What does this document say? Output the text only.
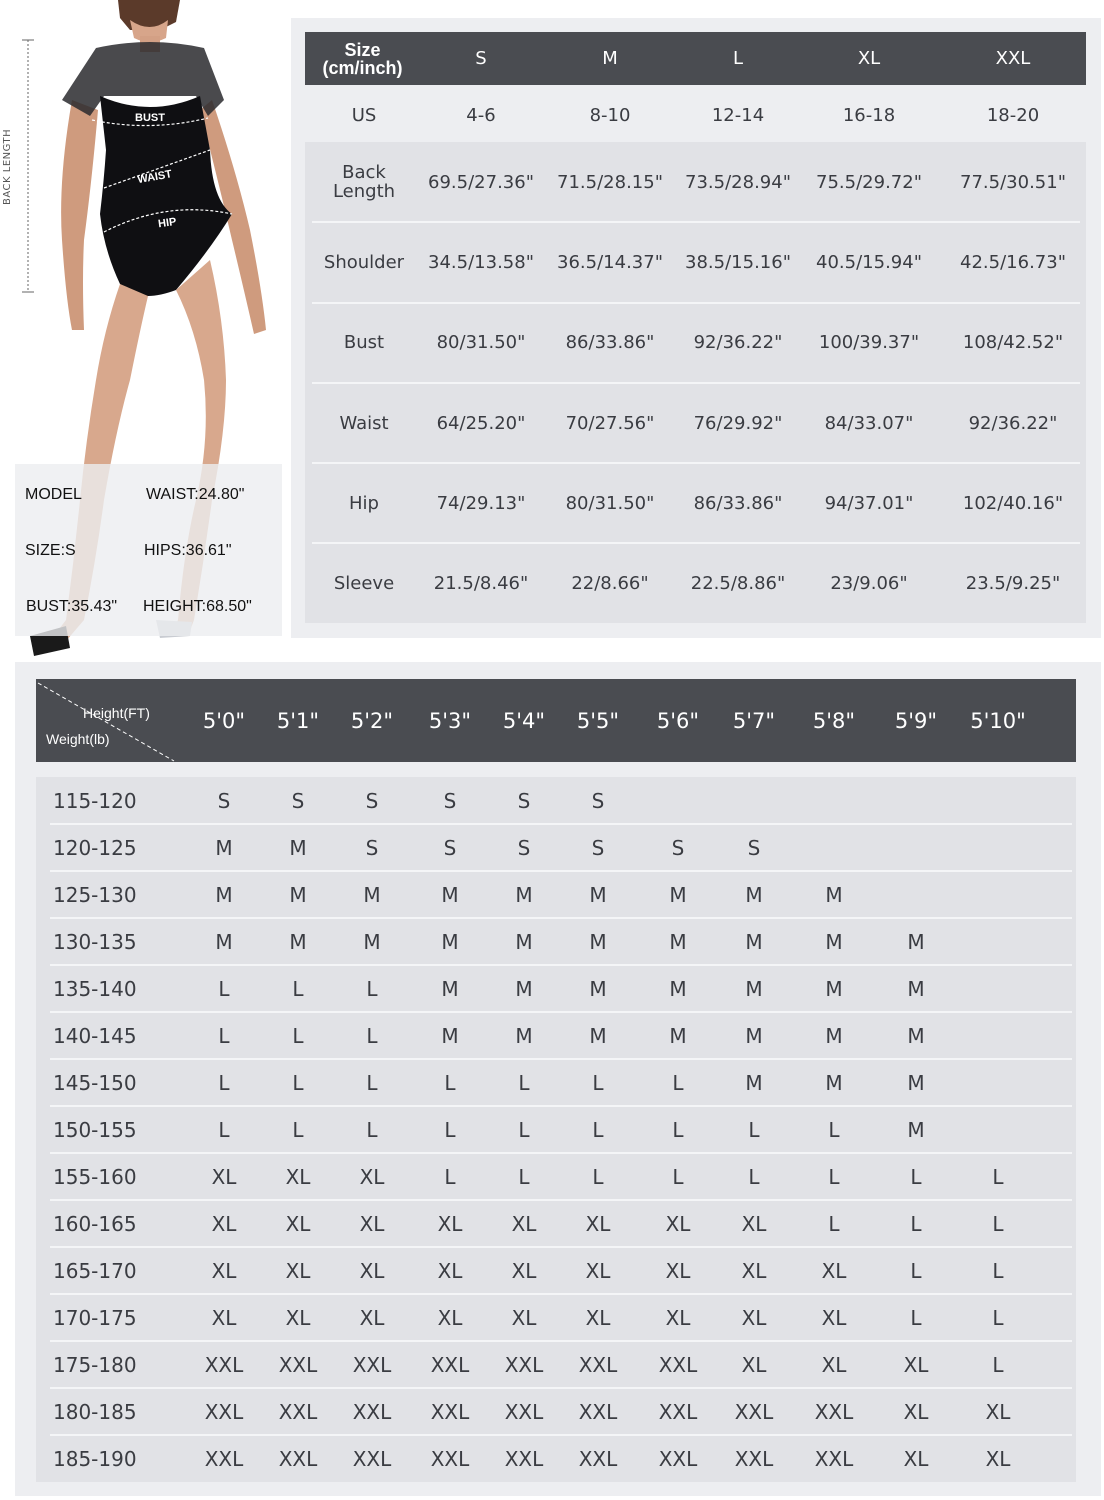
BUST
WAIST
HIP
BACK LENGTH
MODEL	WAIST:24.80"
SIZE:S	HIPS:36.61"
BUST:35.43" HEIGHT:68.50"
Size
(cm/inch)	S	M	L	XL	XXL
US	4-6	8-10	12-14	16-18	18-20
Back
Length	69.5/27.36" 71.5/28.15" 73.5/28.94" 75.5/29.72" 77.5/30.51"
Shoulder	34.5/13.58" 36.5/14.37" 38.5/15.16" 40.5/15.94" 42.5/16.73"
Bust	80/31.50"	86/33.86"	92/36.22"	100/39.37" 108/42.52"
Waist	64/25.20"	70/27.56"	76/29.92"	84/33.07"	92/36.22"
Hip	74/29.13"	80/31.50"	86/33.86"	94/37.01"	102/40.16"
Sleeve	21.5/8.46"	22/8.66"	22.5/8.86"	23/9.06"	23.5/9.25"
Height(FT)
Weight(lb)
5'0"	5'1"	5'2"	5'3"	5'4"	5'5"	5'6"	5'7"	5'8"	5'9"	5'10"
115-120	S	S	S	S	S	S
120-125	M	M	S	S	S	S	S	S
125-130	M	M	M	M	M	M	M	M	M
130-135	M	M	M	M	M	M	M	M	M	M
135-140	L	L	L	M	M	M	M	M	M	M
140-145	L	L	L	M	M	M	M	M	M	M
145-150	L	L	L	L	L	L	L	M	M	M
150-155	L	L	L	L	L	L	L	L	L	M
155-160	XL	XL	XL	L	L	L	L	L	L	L	L
160-165	XL	XL	XL	XL	XL	XL	XL	XL	L	L	L
165-170	XL	XL	XL	XL	XL	XL	XL	XL	XL	L	L
170-175	XL	XL	XL	XL	XL	XL	XL	XL	XL	L	L
175-180	XXL	XXL	XXL	XXL	XXL	XXL	XXL	XL	XL	XL	L
180-185	XXL	XXL	XXL	XXL	XXL	XXL	XXL	XXL	XXL	XL	XL
185-190	XXL	XXL	XXL	XXL	XXL	XXL	XXL	XXL	XXL	XL	XL
